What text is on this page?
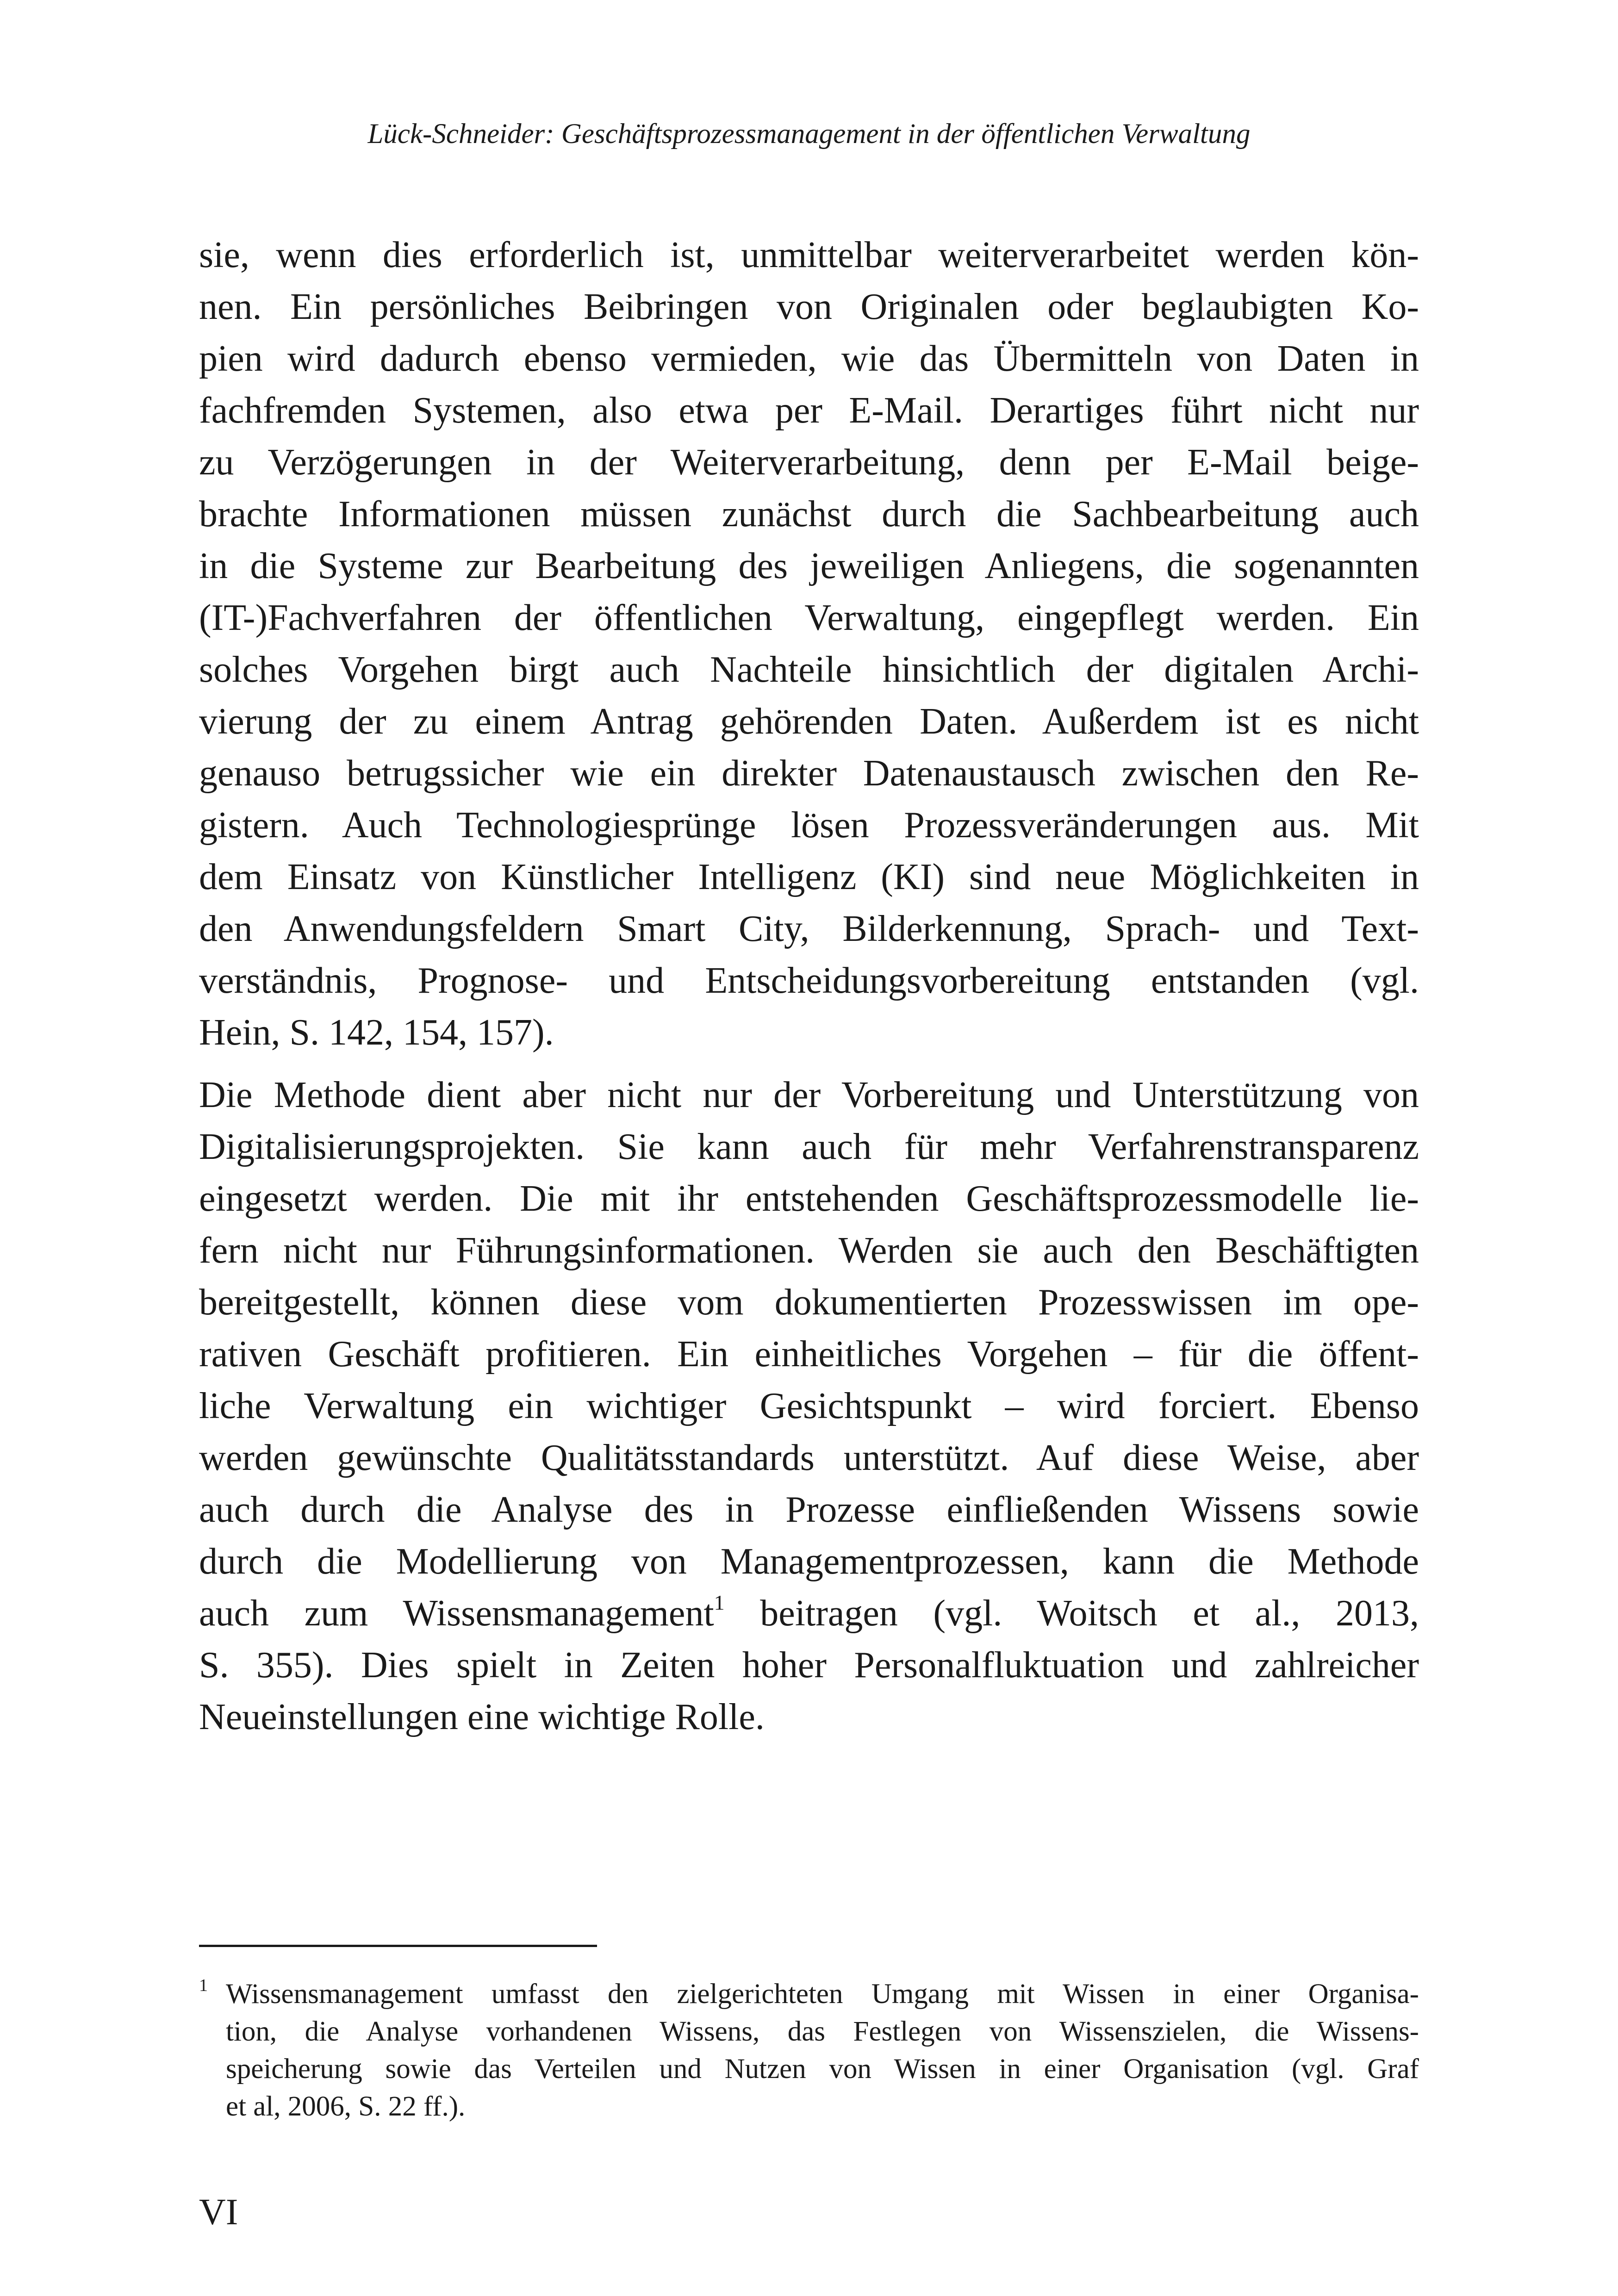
Lück-Schneider: Geschäftsprozessmanagement in der öffentlichen Verwaltung
sie, wenn dies erforderlich ist, unmittelbar weiterverarbeitet werden kön-
nen. Ein persönliches Beibringen von Originalen oder beglaubigten Ko-
pien wird dadurch ebenso vermieden, wie das Übermitteln von Daten in
fachfremden Systemen, also etwa per E-Mail. Derartiges führt nicht nur
zu Verzögerungen in der Weiterverarbeitung, denn per E-Mail beige-
brachte Informationen müssen zunächst durch die Sachbearbeitung auch
in die Systeme zur Bearbeitung des jeweiligen Anliegens, die sogenannten
(IT-)Fachverfahren der öffentlichen Verwaltung, eingepflegt werden. Ein
solches Vorgehen birgt auch Nachteile hinsichtlich der digitalen Archi-
vierung der zu einem Antrag gehörenden Daten. Außerdem ist es nicht
genauso betrugssicher wie ein direkter Datenaustausch zwischen den Re-
gistern. Auch Technologiesprünge lösen Prozessveränderungen aus. Mit
dem Einsatz von Künstlicher Intelligenz (KI) sind neue Möglichkeiten in
den Anwendungsfeldern Smart City, Bilderkennung, Sprach- und Text-
verständnis, Prognose- und Entscheidungsvorbereitung entstanden (vgl.
Hein, S. 142, 154, 157).
Die Methode dient aber nicht nur der Vorbereitung und Unterstützung von
Digitalisierungsprojekten. Sie kann auch für mehr Verfahrenstransparenz
eingesetzt werden. Die mit ihr entstehenden Geschäftsprozessmodelle lie-
fern nicht nur Führungsinformationen. Werden sie auch den Beschäftigten
bereitgestellt, können diese vom dokumentierten Prozesswissen im ope-
rativen Geschäft profitieren. Ein einheitliches Vorgehen – für die öffent-
liche Verwaltung ein wichtiger Gesichtspunkt – wird forciert. Ebenso
werden gewünschte Qualitätsstandards unterstützt. Auf diese Weise, aber
auch durch die Analyse des in Prozesse einfließenden Wissens sowie
durch die Modellierung von Managementprozessen, kann die Methode
auch zum Wissensmanagement$^1$ beitragen (vgl. Woitsch et al., 2013,
S. 355). Dies spielt in Zeiten hoher Personalfluktuation und zahlreicher
Neueinstellungen eine wichtige Rolle.
1 Wissensmanagement umfasst den zielgerichteten Umgang mit Wissen in einer Organisa-
tion, die Analyse vorhandenen Wissens, das Festlegen von Wissenszielen, die Wissens-
speicherung sowie das Verteilen und Nutzen von Wissen in einer Organisation (vgl. Graf
et al, 2006, S. 22 ff.).
VI
